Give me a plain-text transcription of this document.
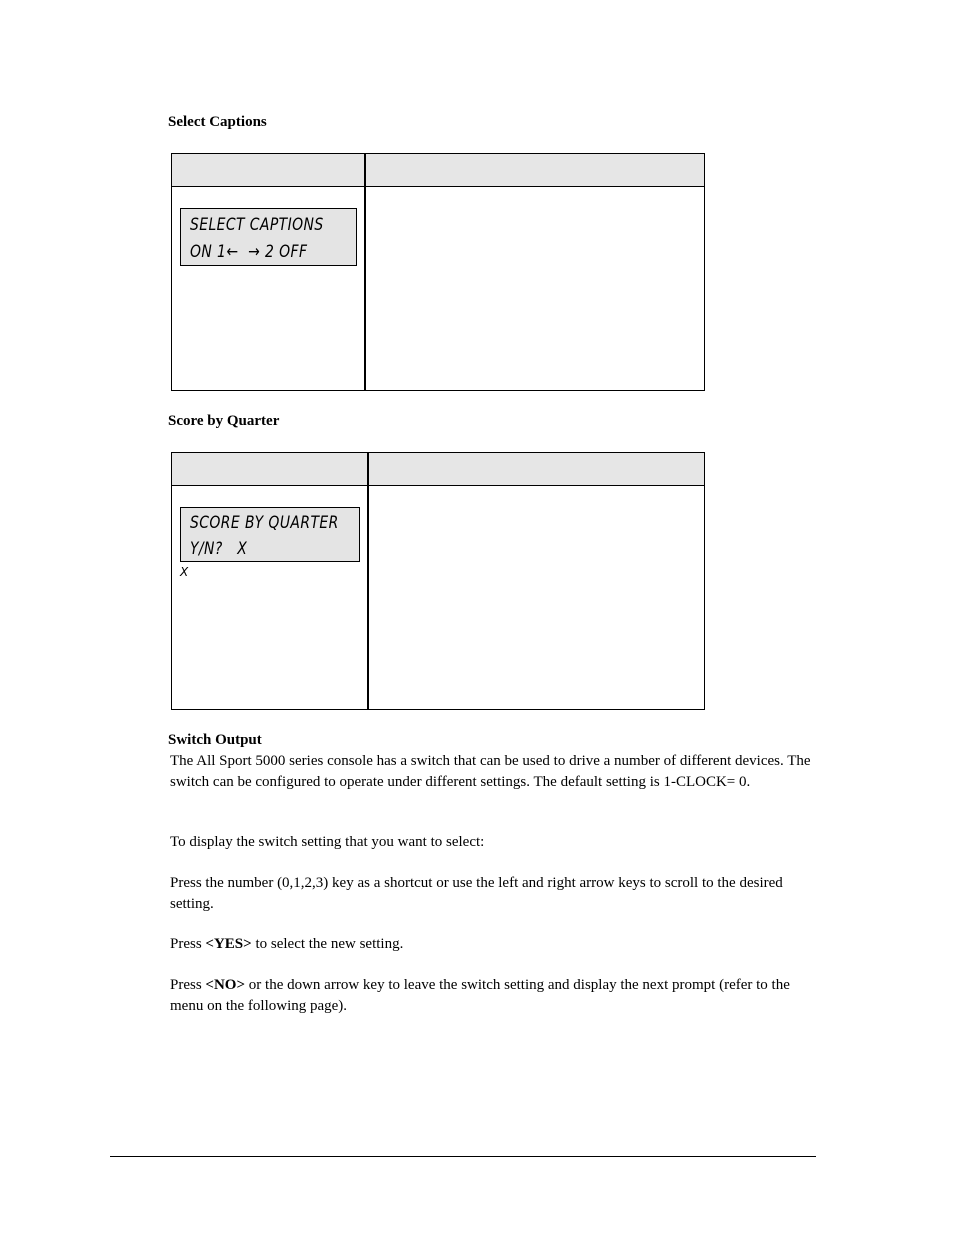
Select Captions
SELECT CAPTIONS
ON 1←  → 2 OFF
Score by Quarter
SCORE BY QUARTER
Y/N?   X
X
Switch Output

The All Sport 5000 series console has a switch that can be used to drive a number of different devices. The switch can be configured to operate under different settings. The default setting is 1-CLOCK= 0.

To display the switch setting that you want to select:

Press the number (0,1,2,3) key as a shortcut or use the left and right arrow keys to scroll to the desired setting.

Press <YES> to select the new setting.

Press <NO> or the down arrow key to leave the switch setting and display the next prompt (refer to the menu on the following page).
